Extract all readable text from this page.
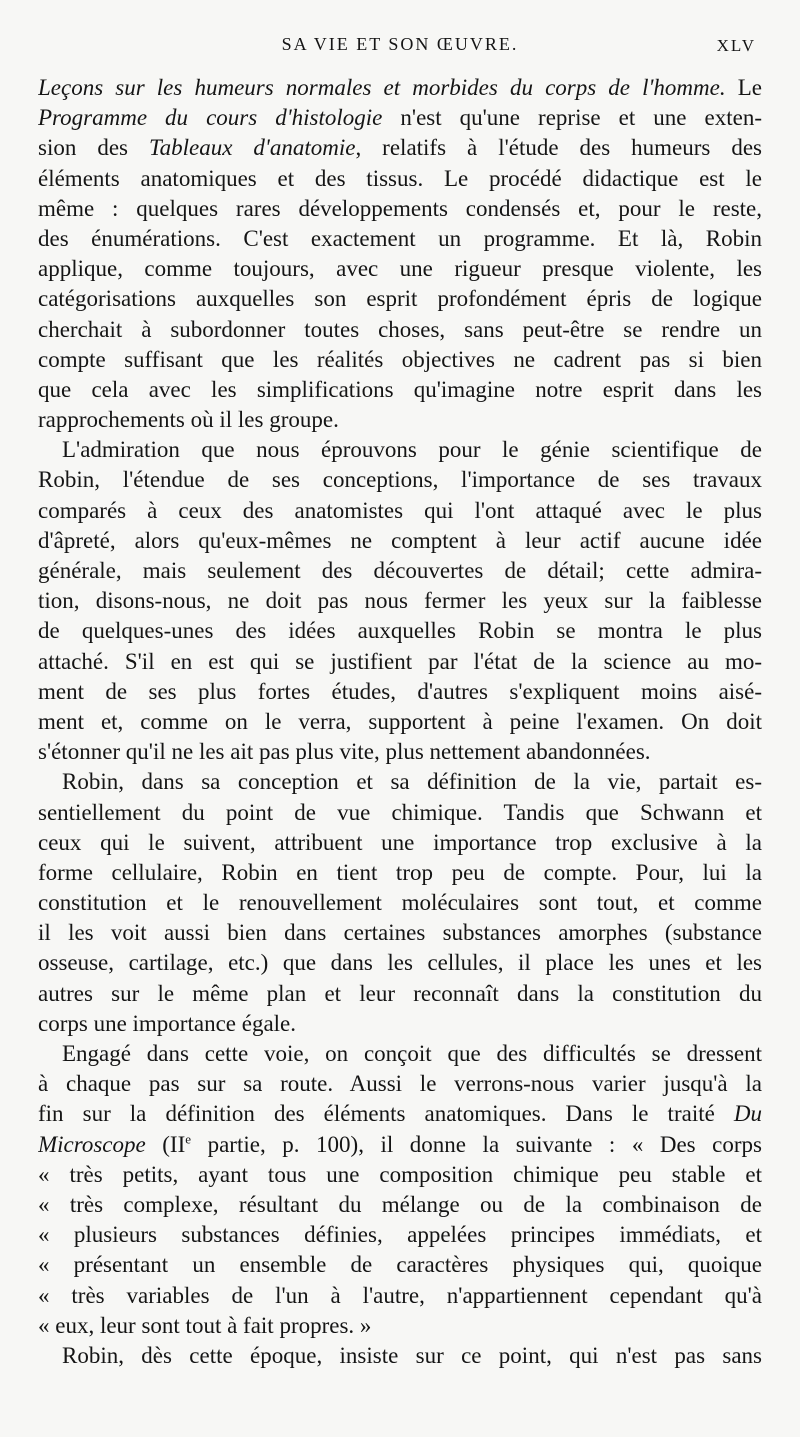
SA VIE ET SON ŒUVRE.	XLV

Leçons sur les humeurs normales et morbides du corps de l'homme. Le
Programme du cours d'histologie n'est qu'une reprise et une exten-
sion des Tableaux d'anatomie, relatifs à l'étude des humeurs des
éléments anatomiques et des tissus. Le procédé didactique est le
même : quelques rares développements condensés et, pour le reste,
des énumérations. C'est exactement un programme. Et là, Robin
applique, comme toujours, avec une rigueur presque violente, les
catégorisations auxquelles son esprit profondément épris de logique
cherchait à subordonner toutes choses, sans peut-être se rendre un
compte suffisant que les réalités objectives ne cadrent pas si bien
que cela avec les simplifications qu'imagine notre esprit dans les
rapprochements où il les groupe.

L'admiration que nous éprouvons pour le génie scientifique de
Robin, l'étendue de ses conceptions, l'importance de ses travaux
comparés à ceux des anatomistes qui l'ont attaqué avec le plus
d'âpreté, alors qu'eux-mêmes ne comptent à leur actif aucune idée
générale, mais seulement des découvertes de détail; cette admira-
tion, disons-nous, ne doit pas nous fermer les yeux sur la faiblesse
de quelques-unes des idées auxquelles Robin se montra le plus
attaché. S'il en est qui se justifient par l'état de la science au mo-
ment de ses plus fortes études, d'autres s'expliquent moins aisé-
ment et, comme on le verra, supportent à peine l'examen. On doit
s'étonner qu'il ne les ait pas plus vite, plus nettement abandonnées.

Robin, dans sa conception et sa définition de la vie, partait es-
sentiellement du point de vue chimique. Tandis que Schwann et
ceux qui le suivent, attribuent une importance trop exclusive à la
forme cellulaire, Robin en tient trop peu de compte. Pour, lui la
constitution et le renouvellement moléculaires sont tout, et comme
il les voit aussi bien dans certaines substances amorphes (substance
osseuse, cartilage, etc.) que dans les cellules, il place les unes et les
autres sur le même plan et leur reconnaît dans la constitution du
corps une importance égale.

Engagé dans cette voie, on conçoit que des difficultés se dressent
à chaque pas sur sa route. Aussi le verrons-nous varier jusqu'à la
fin sur la définition des éléments anatomiques. Dans le traité Du
Microscope (IIe partie, p. 100), il donne la suivante : « Des corps
« très petits, ayant tous une composition chimique peu stable et
« très complexe, résultant du mélange ou de la combinaison de
« plusieurs substances définies, appelées principes immédiats, et
« présentant un ensemble de caractères physiques qui, quoique
« très variables de l'un à l'autre, n'appartiennent cependant qu'à
« eux, leur sont tout à fait propres. »

Robin, dès cette époque, insiste sur ce point, qui n'est pas sans
